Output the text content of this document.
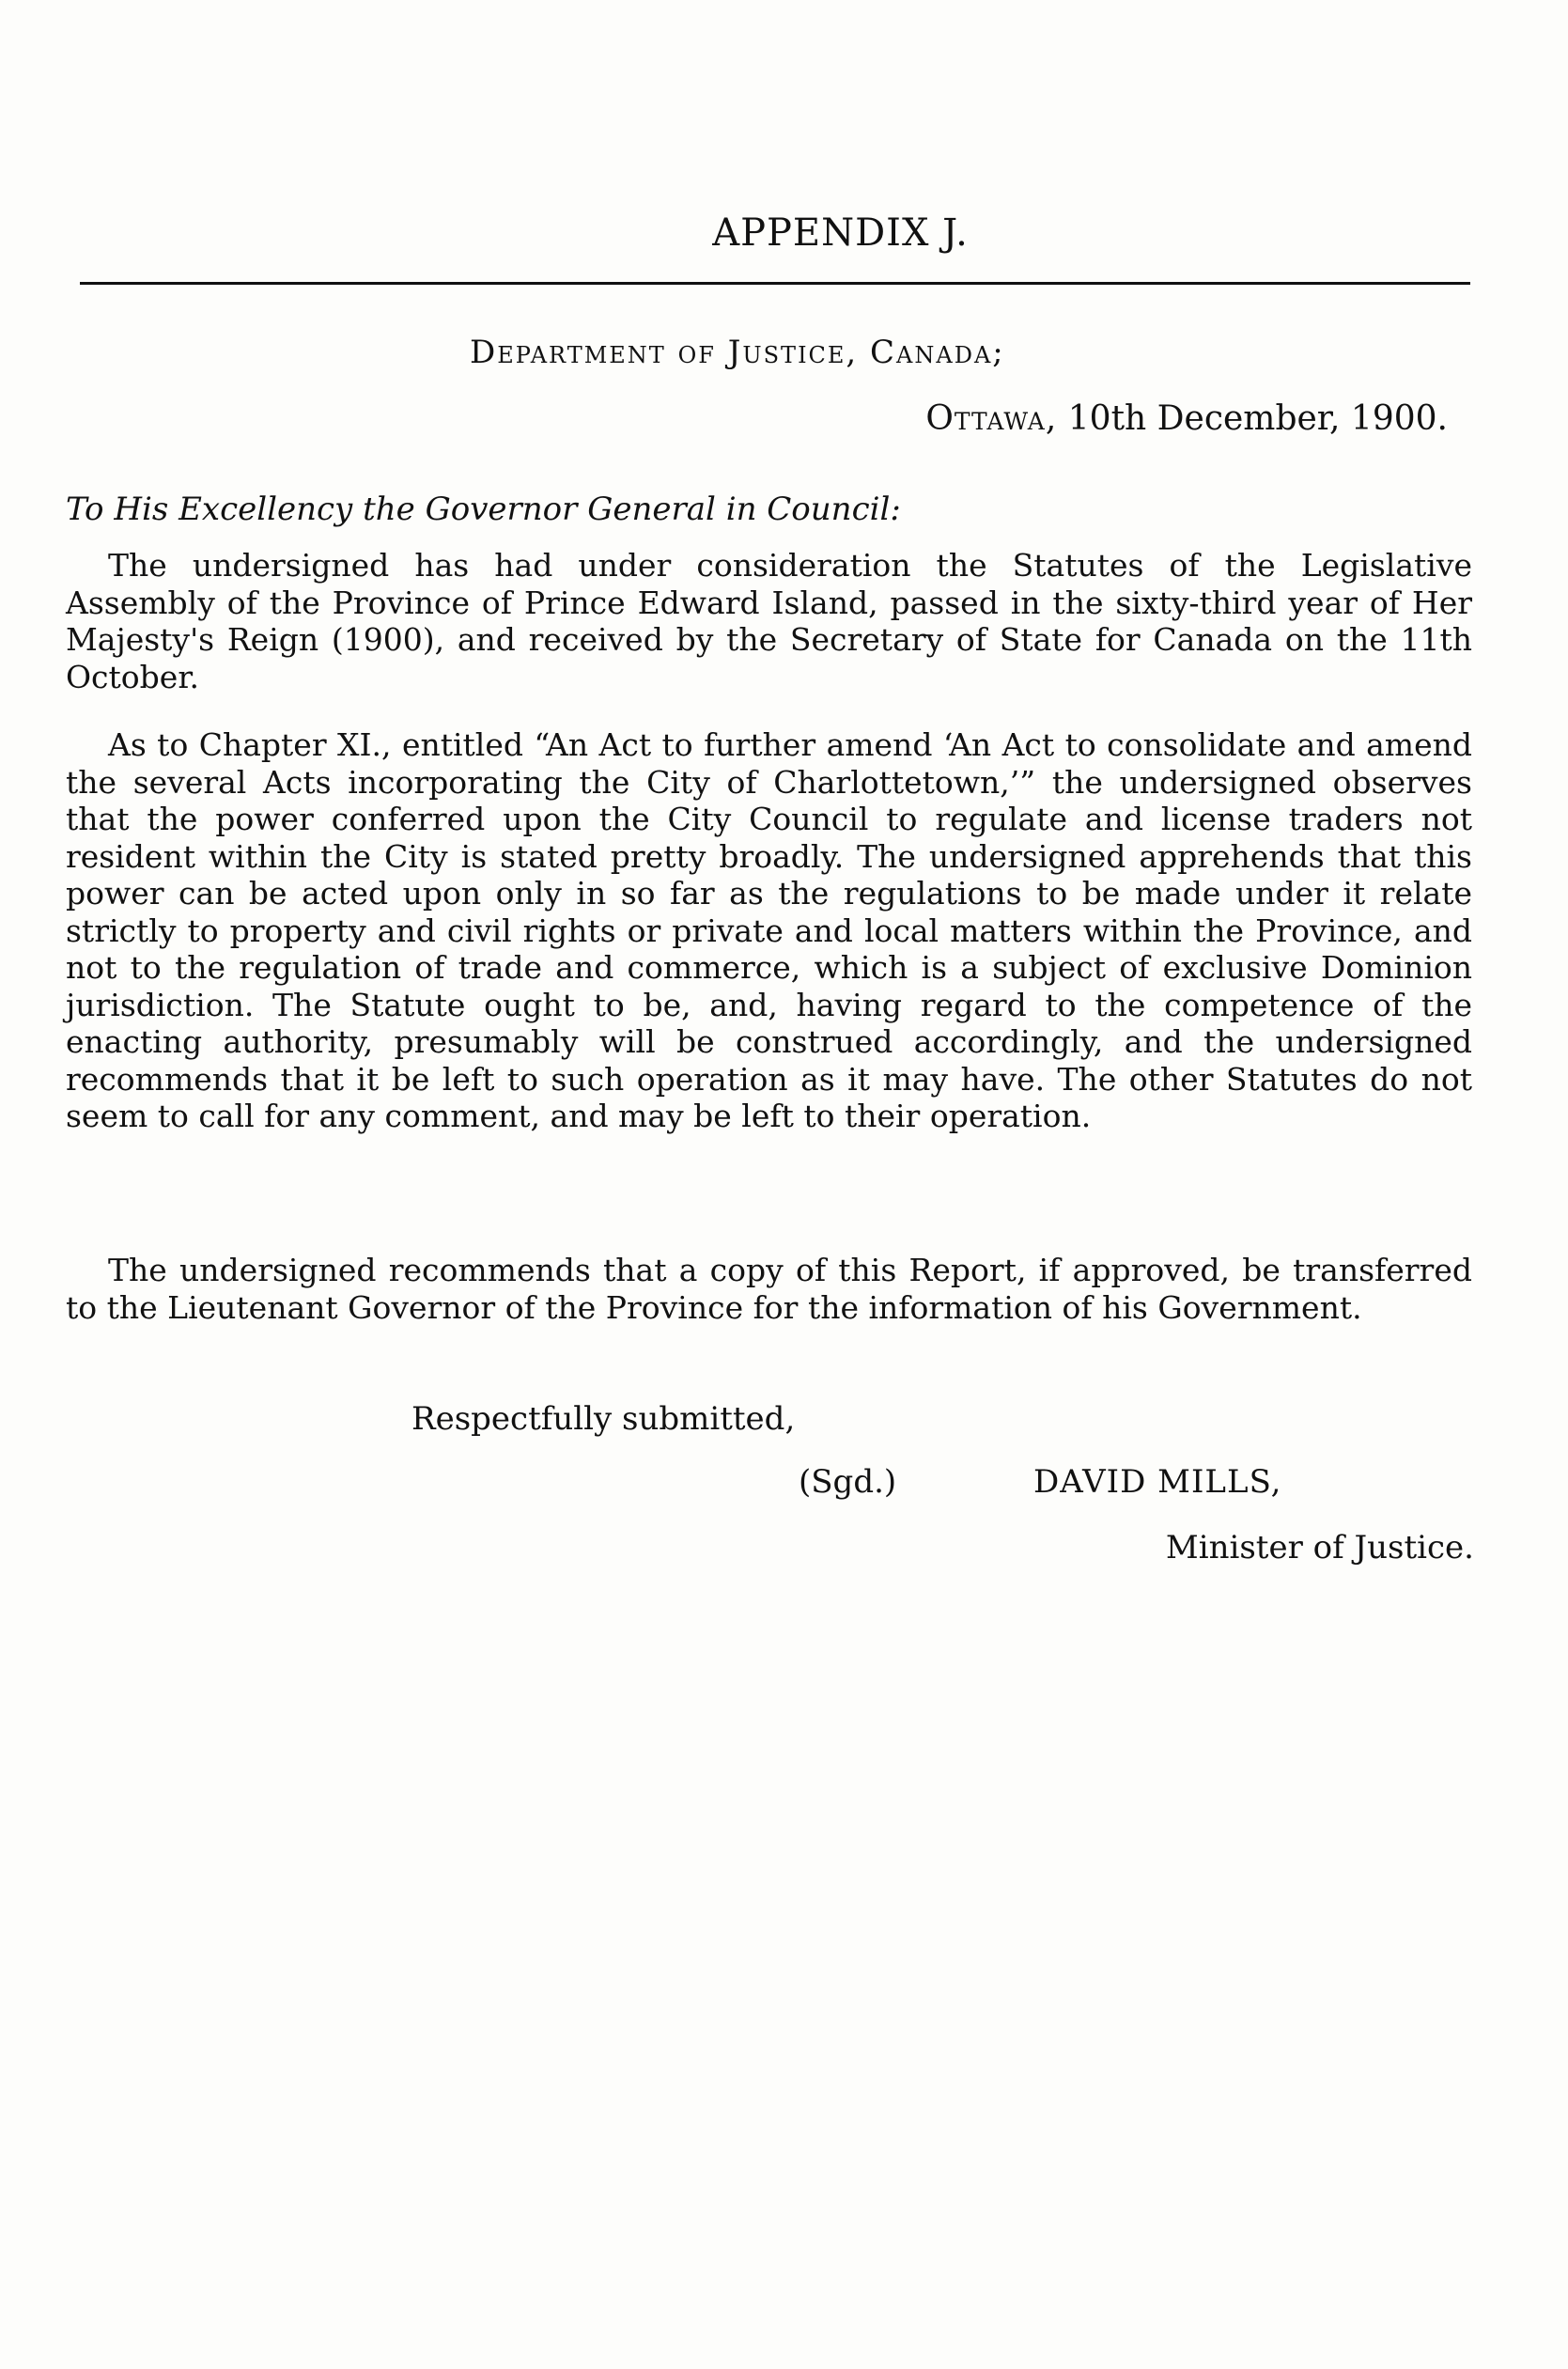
APPENDIX J.
Department of Justice, Canada;
Ottawa, 10th December, 1900.
To His Excellency the Governor General in Council:

The undersigned has had under consideration the Statutes of the Legislative Assembly of the Province of Prince Edward Island, passed in the sixty-third year of Her Majesty's Reign (1900), and received by the Secretary of State for Canada on the 11th October.

As to Chapter XI., entitled “An Act to further amend ‘An Act to consolidate and amend the several Acts incorporating the City of Charlottetown,’” the undersigned observes that the power conferred upon the City Council to regulate and license traders not resident within the City is stated pretty broadly. The undersigned apprehends that this power can be acted upon only in so far as the regulations to be made under it relate strictly to property and civil rights or private and local matters within the Province, and not to the regulation of trade and commerce, which is a subject of exclusive Dominion jurisdiction. The Statute ought to be, and, having regard to the competence of the enacting authority, presumably will be construed accordingly, and the undersigned recommends that it be left to such operation as it may have. The other Statutes do not seem to call for any comment, and may be left to their operation.

The undersigned recommends that a copy of this Report, if approved, be transferred to the Lieutenant Governor of the Province for the information of his Government.

Respectfully submitted,
(Sgd.)	DAVID MILLS,
Minister of Justice.
